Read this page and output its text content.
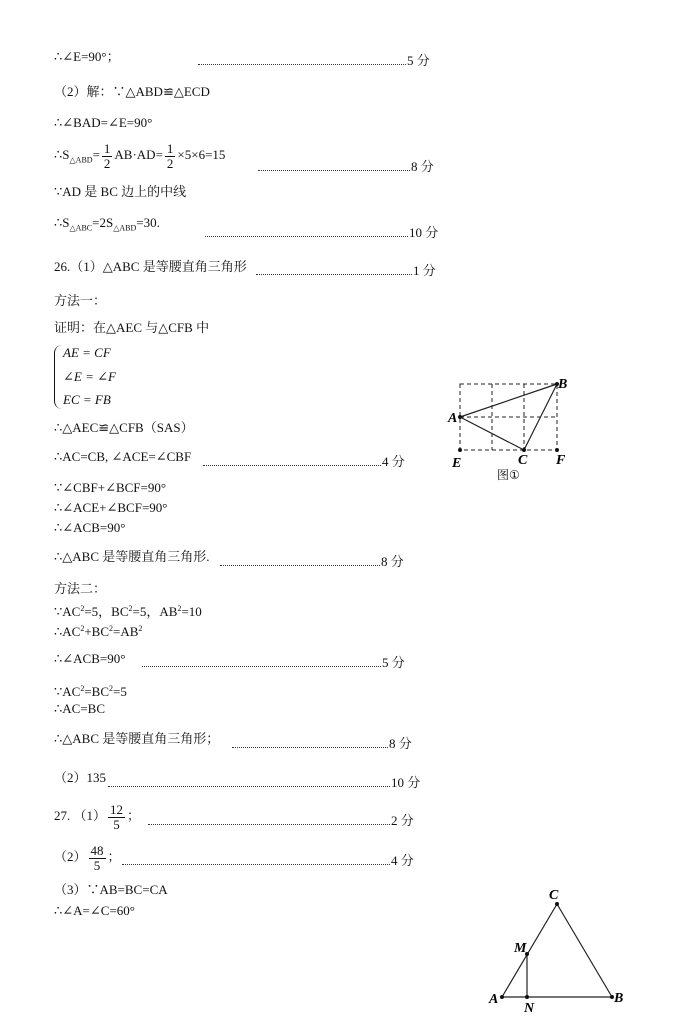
∴∠E=90°；	5 分
（2）解：∵△ABD≌△ECD
∴∠BAD=∠E=90°
$\therefore S_{\triangle ABD}= \frac{1}{2} AB\cdot AD= \frac{1}{2} \times 5\times 6=15$
8 分
∵AD 是 BC 边上的中线
$\therefore S_{\triangle ABC}=2S_{\triangle ABD}=30$.
10 分
26.（1）△ABC 是等腰直角三角形	1 分
方法一：
证明：在△AEC 与△CFB 中
AE = CF
∠E = ∠F
EC = FB
∴△AEC≌△CFB（SAS）
∴AC=CB, ∠ACE=∠CBF	4 分
∵∠CBF+∠BCF=90°
∴∠ACE+∠BCF=90°
∴∠ACB=90°
∴△ABC 是等腰直角三角形.	8 分
方法二：
$\because AC^2=5$，$BC^2=5$，$AB^2=10$
$\therefore AC^2+BC^2=AB^2$
∴∠ACB=90°	5 分
$\because AC^2=BC^2=5$
∴AC=BC
∴△ABC 是等腰直角三角形；	8 分
（2）135	10 分
27. $(1) \frac{12}{5}$ ；	2 分
$(2) \frac{48}{5}$ ；	4 分
（3）∵AB=BC=CA
∴∠A=∠C=60°
A
B
C
E	F
图①
C
M
A	B
N
